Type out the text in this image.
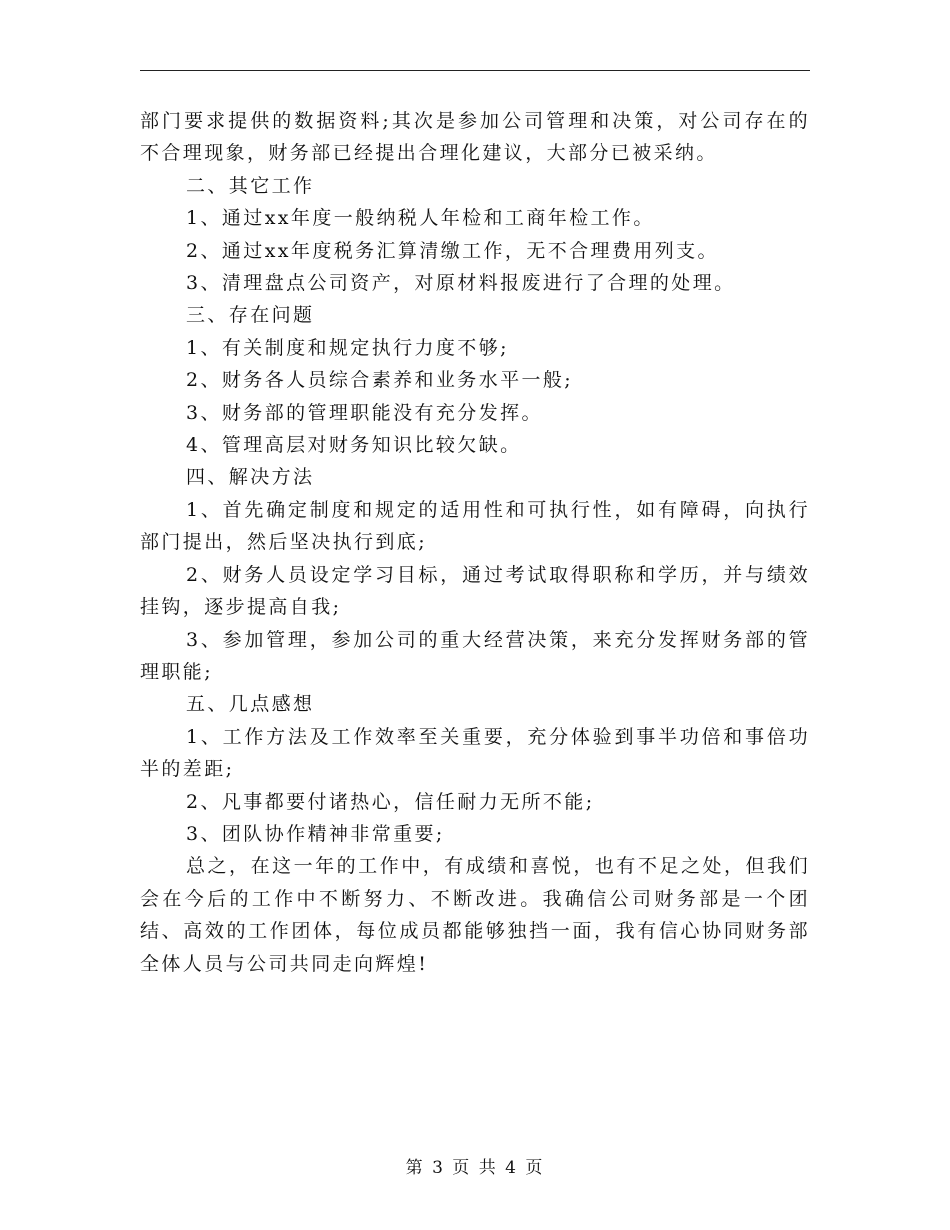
部门要求提供的数据资料;其次是参加公司管理和决策，对公司存在的不合理现象，财务部已经提出合理化建议，大部分已被采纳。

二、其它工作

1、通过xx年度一般纳税人年检和工商年检工作。

2、通过xx年度税务汇算清缴工作，无不合理费用列支。

3、清理盘点公司资产，对原材料报废进行了合理的处理。

三、存在问题

1、有关制度和规定执行力度不够;

2、财务各人员综合素养和业务水平一般;

3、财务部的管理职能没有充分发挥。

4、管理高层对财务知识比较欠缺。

四、解决方法

1、首先确定制度和规定的适用性和可执行性，如有障碍，向执行部门提出，然后坚决执行到底;

2、财务人员设定学习目标，通过考试取得职称和学历，并与绩效挂钩，逐步提高自我;

3、参加管理，参加公司的重大经营决策，来充分发挥财务部的管理职能;

五、几点感想

1、工作方法及工作效率至关重要，充分体验到事半功倍和事倍功半的差距;

2、凡事都要付诸热心，信任耐力无所不能;

3、团队协作精神非常重要;

总之，在这一年的工作中，有成绩和喜悦，也有不足之处，但我们会在今后的工作中不断努力、不断改进。我确信公司财务部是一个团结、高效的工作团体，每位成员都能够独挡一面，我有信心协同财务部全体人员与公司共同走向辉煌!

第 3 页 共 4 页
